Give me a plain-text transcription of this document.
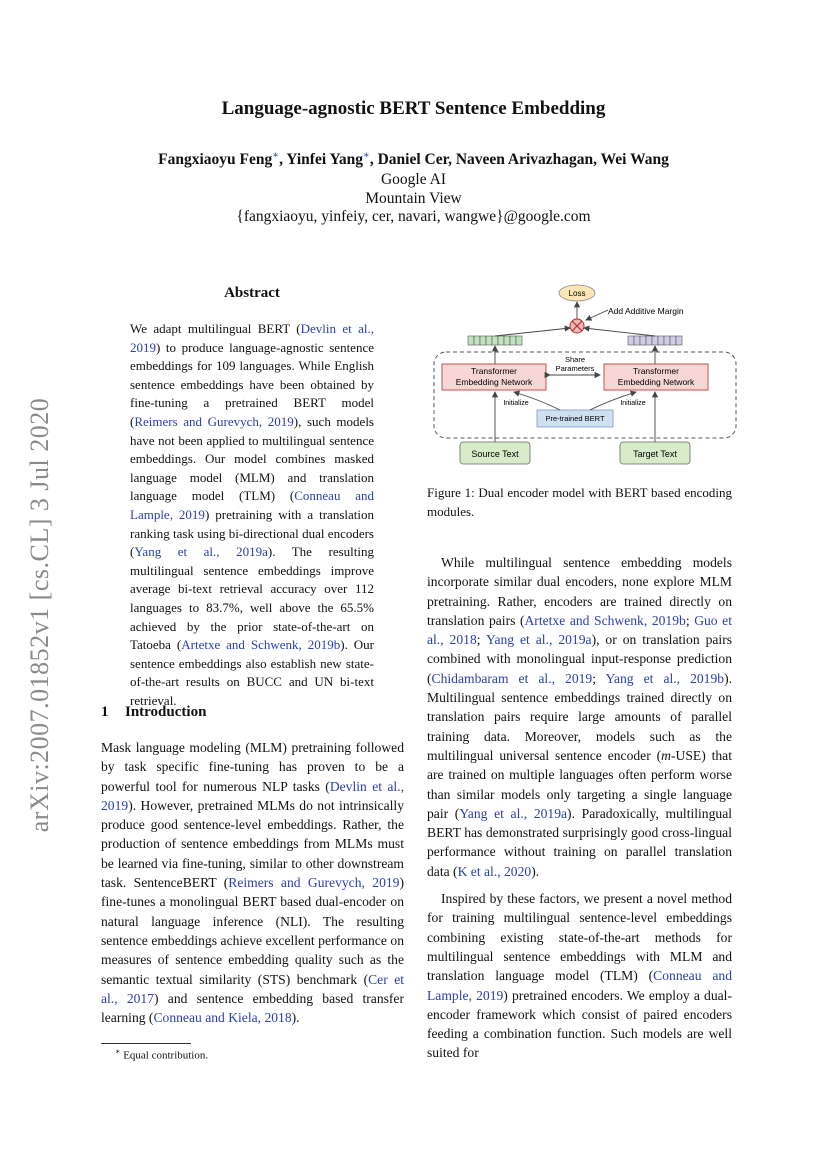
arXiv:2007.01852v1 [cs.CL] 3 Jul 2020
Language-agnostic BERT Sentence Embedding
Fangxiaoyu Feng∗, Yinfei Yang∗, Daniel Cer, Naveen Arivazhagan, Wei Wang
Google AI
Mountain View
{fangxiaoyu, yinfeiy, cer, navari, wangwe}@google.com
Abstract

We adapt multilingual BERT (Devlin et al., 2019) to produce language-agnostic sentence embeddings for 109 languages. While English sentence embeddings have been obtained by fine-tuning a pretrained BERT model (Reimers and Gurevych, 2019), such models have not been applied to multilingual sentence embeddings. Our model combines masked language model (MLM) and translation language model (TLM) (Conneau and Lample, 2019) pretraining with a translation ranking task using bi-directional dual encoders (Yang et al., 2019a). The resulting multilingual sentence embeddings improve average bi-text retrieval accuracy over 112 languages to 83.7%, well above the 65.5% achieved by the prior state-of-the-art on Tatoeba (Artetxe and Schwenk, 2019b). Our sentence embeddings also establish new state-of-the-art results on BUCC and UN bi-text retrieval.

1 Introduction

Mask language modeling (MLM) pretraining followed by task specific fine-tuning has proven to be a powerful tool for numerous NLP tasks (Devlin et al., 2019). However, pretrained MLMs do not intrinsically produce good sentence-level embeddings. Rather, the production of sentence embeddings from MLMs must be learned via fine-tuning, similar to other downstream task. SentenceBERT (Reimers and Gurevych, 2019) fine-tunes a monolingual BERT based dual-encoder on natural language inference (NLI). The resulting sentence embeddings achieve excellent performance on measures of sentence embedding quality such as the semantic textual similarity (STS) benchmark (Cer et al., 2017) and sentence embedding based transfer learning (Conneau and Kiela, 2018).

∗ Equal contribution.
Loss
Add Additive Margin
Transformer
Embedding Network
Transformer
Embedding Network
Share
Parameters
Pre-trained BERT
Initialize	Initialize
Source Text	Target Text
Figure 1: Dual encoder model with BERT based encoding modules.

While multilingual sentence embedding models incorporate similar dual encoders, none explore MLM pretraining. Rather, encoders are trained directly on translation pairs (Artetxe and Schwenk, 2019b; Guo et al., 2018; Yang et al., 2019a), or on translation pairs combined with monolingual input-response prediction (Chidambaram et al., 2019; Yang et al., 2019b). Multilingual sentence embeddings trained directly on translation pairs require large amounts of parallel training data. Moreover, models such as the multilingual universal sentence encoder (m-USE) that are trained on multiple languages often perform worse than similar models only targeting a single language pair (Yang et al., 2019a). Paradoxically, multilingual BERT has demonstrated surprisingly good cross-lingual performance without training on parallel translation data (K et al., 2020).

Inspired by these factors, we present a novel method for training multilingual sentence-level embeddings combining existing state-of-the-art methods for multilingual sentence embeddings with MLM and translation language model (TLM) (Conneau and Lample, 2019) pretrained encoders. We employ a dual-encoder framework which consist of paired encoders feeding a combination function. Such models are well suited for
